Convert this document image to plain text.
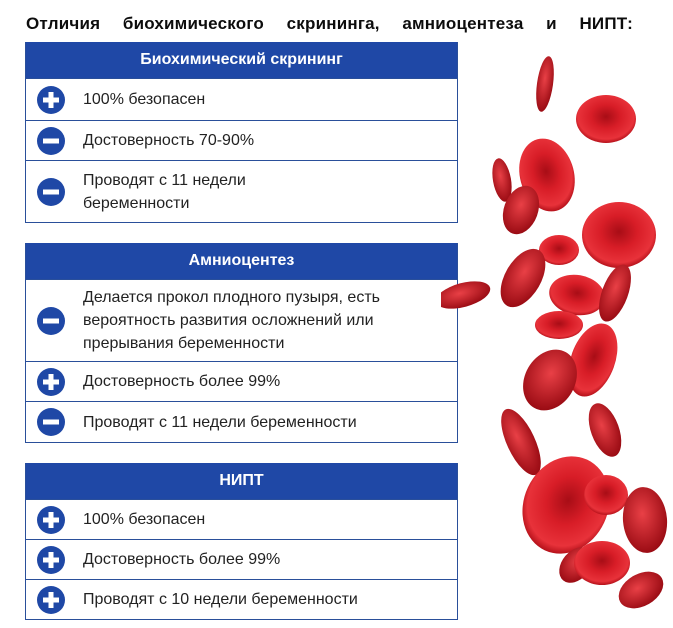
Отличия биохимического скрининга, амниоцентеза и НИПТ:
Биохимический скрининг
100% безопасен
Достоверность 70-90%
Проводят с 11 недели беременности
Амниоцентез
Делается прокол плодного пузыря, есть вероятность развития осложнений или прерывания беременности
Достоверность более 99%
Проводят с 11 недели беременности
НИПТ
100% безопасен
Достоверность более 99%
Проводят с 10 недели беременности
